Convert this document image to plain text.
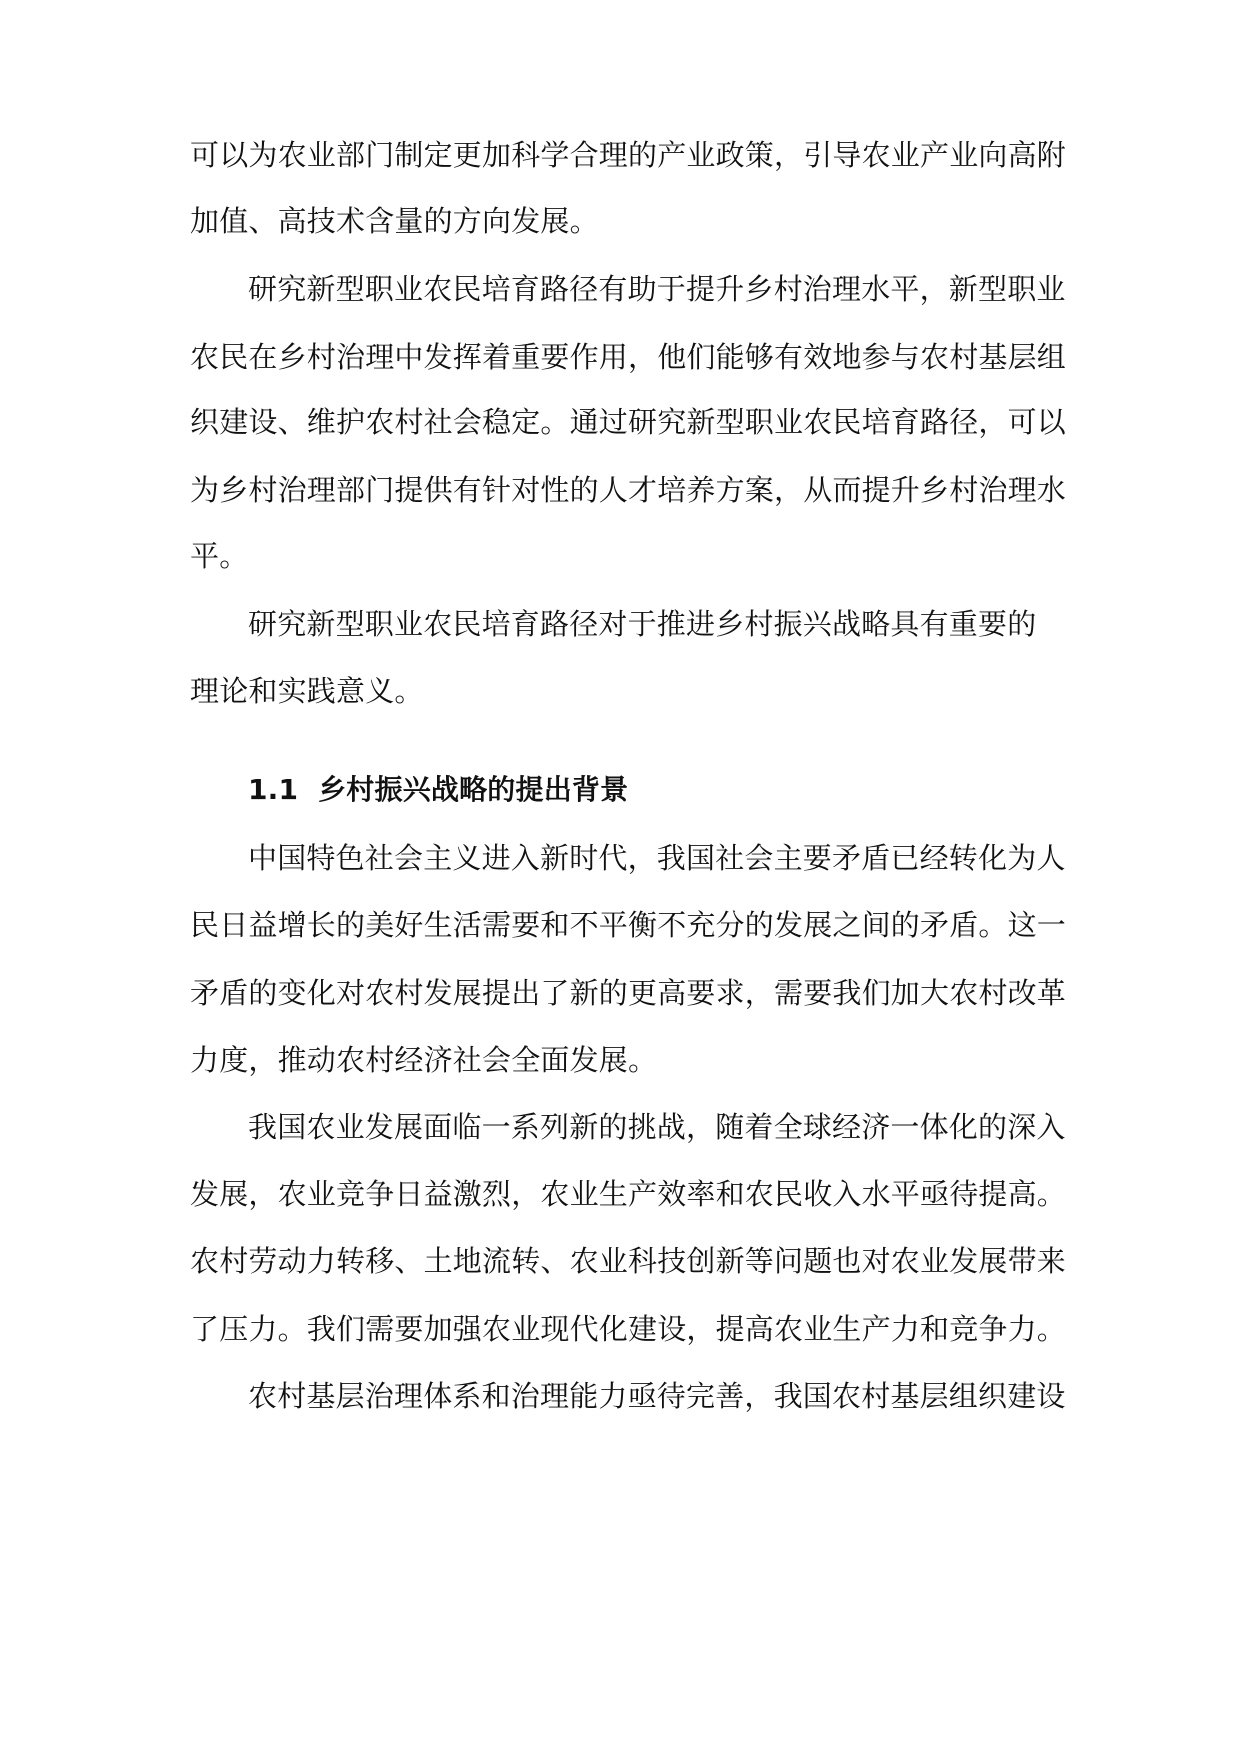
可以为农业部门制定更加科学合理的产业政策，引导农业产业向高附
加值、高技术含量的方向发展。
研究新型职业农民培育路径有助于提升乡村治理水平，新型职业
农民在乡村治理中发挥着重要作用，他们能够有效地参与农村基层组
织建设、维护农村社会稳定。通过研究新型职业农民培育路径，可以
为乡村治理部门提供有针对性的人才培养方案，从而提升乡村治理水
平。
研究新型职业农民培育路径对于推进乡村振兴战略具有重要的
理论和实践意义。
1.1 乡村振兴战略的提出背景
中国特色社会主义进入新时代，我国社会主要矛盾已经转化为人
民日益增长的美好生活需要和不平衡不充分的发展之间的矛盾。这一
矛盾的变化对农村发展提出了新的更高要求，需要我们加大农村改革
力度，推动农村经济社会全面发展。
我国农业发展面临一系列新的挑战，随着全球经济一体化的深入
发展，农业竞争日益激烈，农业生产效率和农民收入水平亟待提高。
农村劳动力转移、土地流转、农业科技创新等问题也对农业发展带来
了压力。我们需要加强农业现代化建设，提高农业生产力和竞争力。
农村基层治理体系和治理能力亟待完善，我国农村基层组织建设
